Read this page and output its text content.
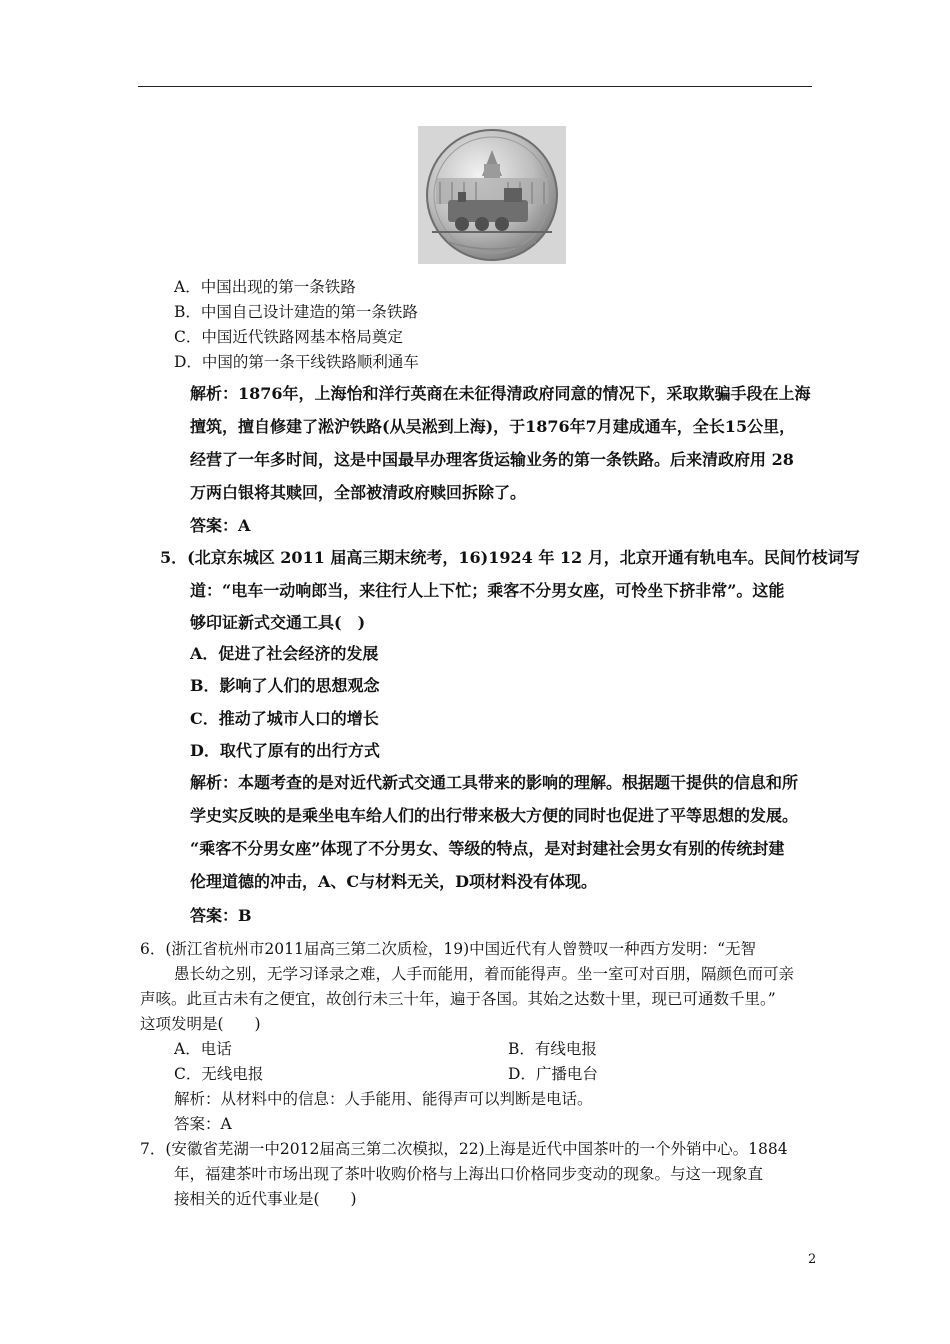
A．中国出现的第一条铁路
B．中国自己设计建造的第一条铁路
C．中国近代铁路网基本格局奠定
D．中国的第一条干线铁路顺利通车
解析：1876年，上海怡和洋行英商在未征得清政府同意的情况下，采取欺骗手段在上海
擅筑，擅自修建了淞沪铁路(从吴淞到上海)，于1876年7月建成通车，全长15公里，
经营了一年多时间，这是中国最早办理客货运输业务的第一条铁路。后来清政府用 28
万两白银将其赎回，全部被清政府赎回拆除了。
答案：A
5．(北京东城区 2011 届高三期末统考，16)1924 年 12 月，北京开通有轨电车。民间竹枝词写
道：“电车一动响郎当，来往行人上下忙；乘客不分男女座，可怜坐下挤非常”。这能
够印证新式交通工具(　)
A．促进了社会经济的发展
B．影响了人们的思想观念
C．推动了城市人口的增长
D．取代了原有的出行方式
解析：本题考查的是对近代新式交通工具带来的影响的理解。根据题干提供的信息和所
学史实反映的是乘坐电车给人们的出行带来极大方便的同时也促进了平等思想的发展。
“乘客不分男女座”体现了不分男女、等级的特点，是对封建社会男女有别的传统封建
伦理道德的冲击，A、C与材料无关，D项材料没有体现。
答案：B
6．(浙江省杭州市2011届高三第二次质检，19)中国近代有人曾赞叹一种西方发明：“无智
愚长幼之别，无学习译录之难，人手而能用，着而能得声。坐一室可对百朋，隔颜色而可亲
声咳。此亘古未有之便宜，故创行未三十年，遍于各国。其始之达数十里，现已可通数千里。”
这项发明是(　　)
A．电话	B．有线电报
C．无线电报	D．广播电台
解析：从材料中的信息：人手能用、能得声可以判断是电话。
答案：A
7．(安徽省芜湖一中2012届高三第二次模拟，22)上海是近代中国茶叶的一个外销中心。1884
年，福建茶叶市场出现了茶叶收购价格与上海出口价格同步变动的现象。与这一现象直
接相关的近代事业是(　　)
2
